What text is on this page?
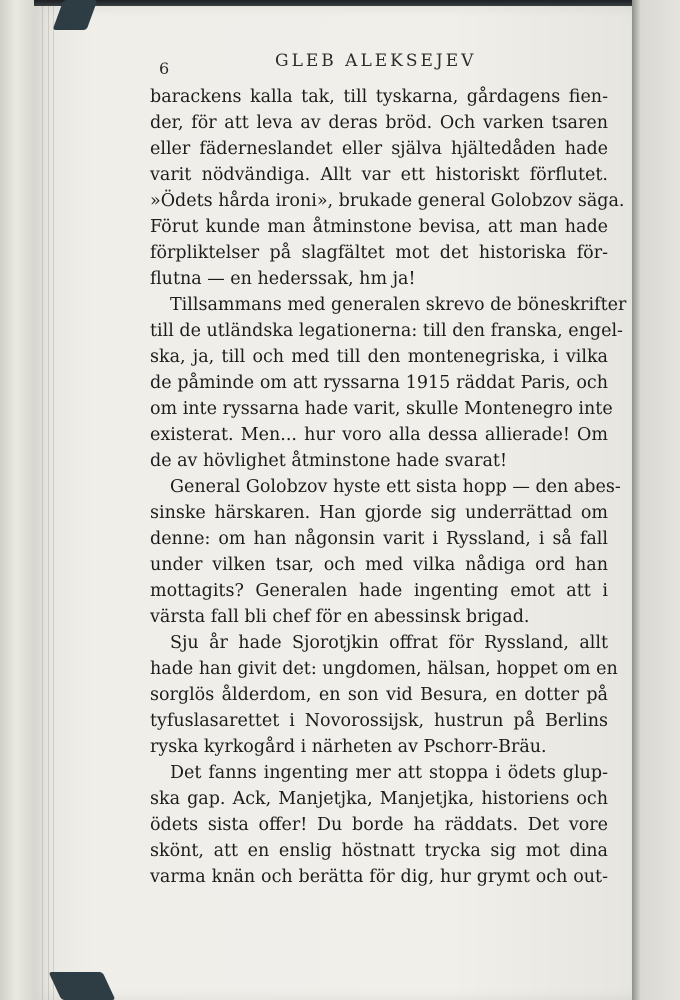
6	GLEB ALEKSEJEV
barackens kalla tak, till tyskarna, gårdagens fien-
der, för att leva av deras bröd. Och varken tsaren
eller fäderneslandet eller själva hjältedåden hade
varit nödvändiga. Allt var ett historiskt förflutet.
»Ödets hårda ironi», brukade general Golobzov säga.
Förut kunde man åtminstone bevisa, att man hade
förpliktelser på slagfältet mot det historiska för-
flutna — en hederssak, hm ja!
Tillsammans med generalen skrevo de böneskrifter
till de utländska legationerna: till den franska, engel-
ska, ja, till och med till den montenegriska, i vilka
de påminde om att ryssarna 1915 räddat Paris, och
om inte ryssarna hade varit, skulle Montenegro inte
existerat. Men... hur voro alla dessa allierade! Om
de av hövlighet åtminstone hade svarat!
General Golobzov hyste ett sista hopp — den abes-
sinske härskaren. Han gjorde sig underrättad om
denne: om han någonsin varit i Ryssland, i så fall
under vilken tsar, och med vilka nådiga ord han
mottagits? Generalen hade ingenting emot att i
värsta fall bli chef för en abessinsk brigad.
Sju år hade Sjorotjkin offrat för Ryssland, allt
hade han givit det: ungdomen, hälsan, hoppet om en
sorglös ålderdom, en son vid Besura, en dotter på
tyfuslasarettet i Novorossijsk, hustrun på Berlins
ryska kyrkogård i närheten av Pschorr-Bräu.
Det fanns ingenting mer att stoppa i ödets glup-
ska gap. Ack, Manjetjka, Manjetjka, historiens och
ödets sista offer! Du borde ha räddats. Det vore
skönt, att en enslig höstnatt trycka sig mot dina
varma knän och berätta för dig, hur grymt och out-
